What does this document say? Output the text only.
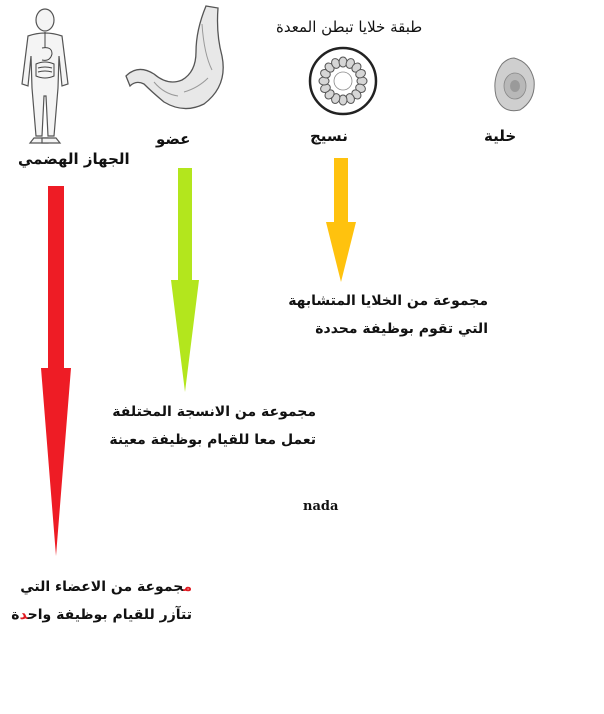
طبقة خلايا تبطن المعدة
الجهاز الهضمي
عضو	نسيج	خلية
مجموعة من الخلايا المتشابهة
التي تقوم بوظيفة محددة
مجموعة من الانسجة المختلفة
تعمل معا للقيام بوظيفة معينة
nada
مجموعة من الاعضاء التي
تتآزر للقيام بوظيفة واحدة
